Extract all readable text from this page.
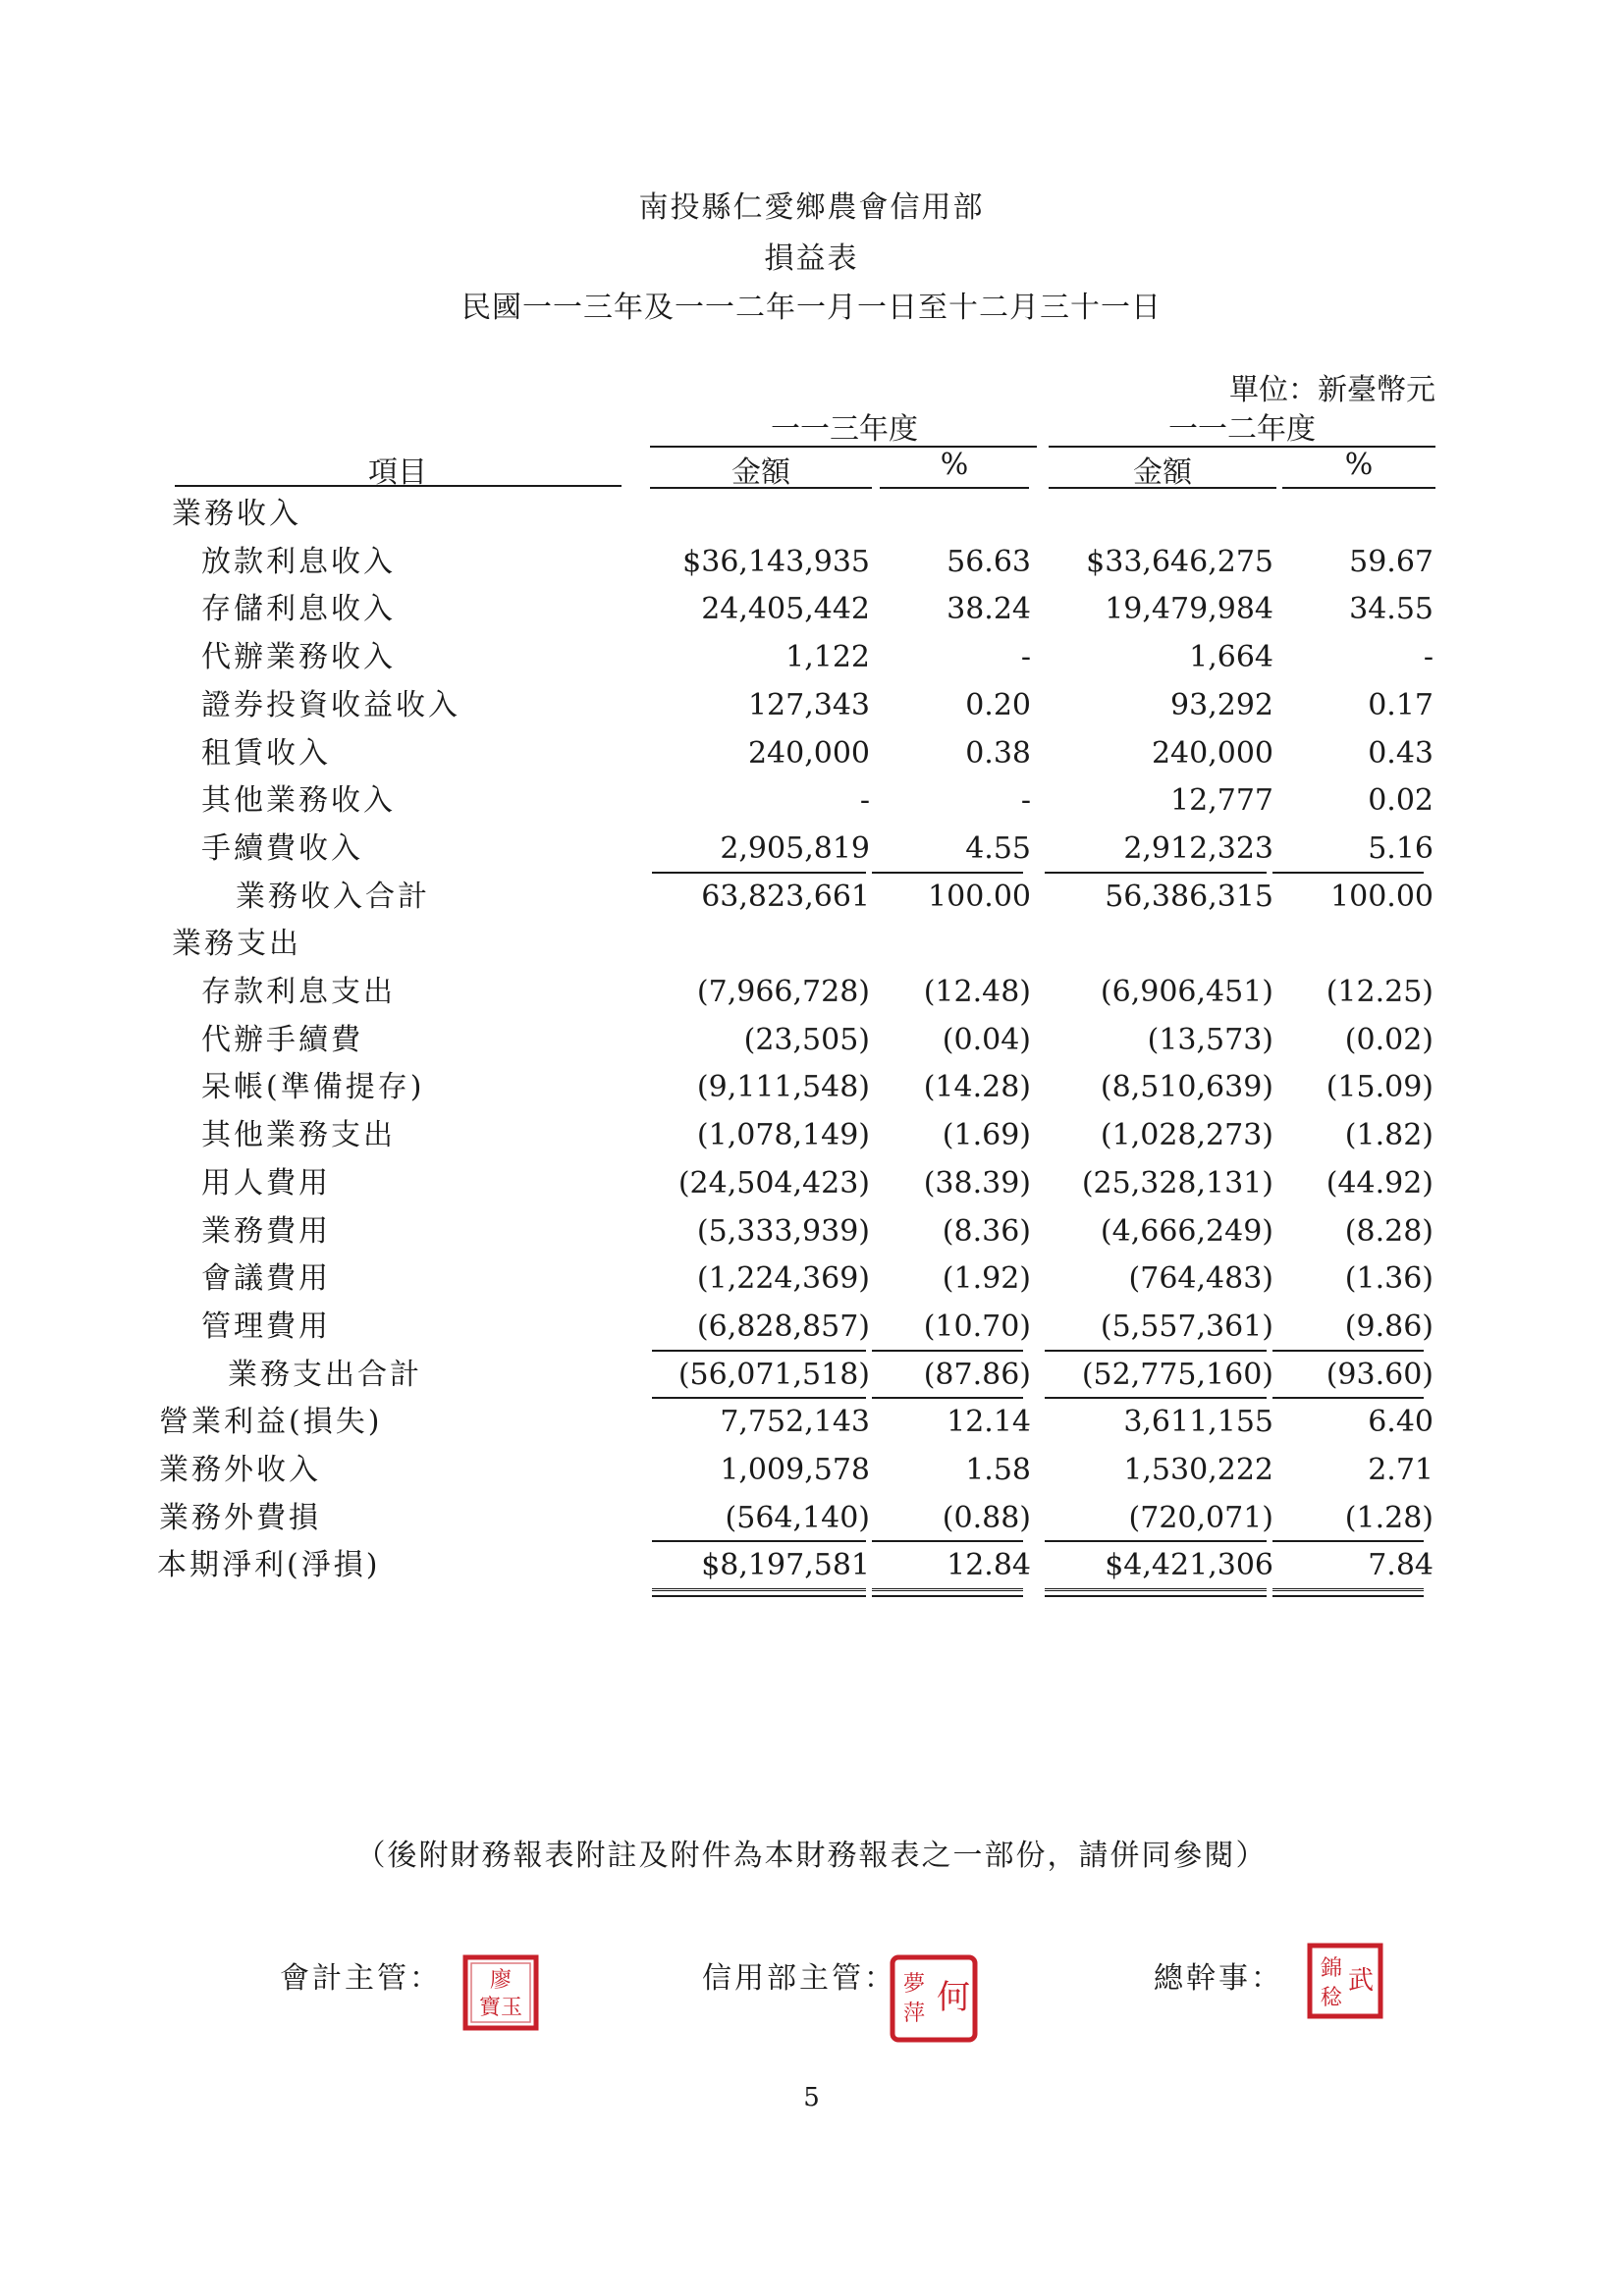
南投縣仁愛鄉農會信用部
損益表
民國一一三年及一一二年一月一日至十二月三十一日
單位：新臺幣元
一一三年度	一一二年度
項目	金額	%	金額	%
業務收入
放款利息收入	$36,143,935	56.63	$33,646,275	59.67
存儲利息收入	24,405,442	38.24	19,479,984	34.55
代辦業務收入	1,122	-	1,664	-
證券投資收益收入	127,343	0.20	93,292	0.17
租賃收入	240,000	0.38	240,000	0.43
其他業務收入	-	-	12,777	0.02
手續費收入	2,905,819	4.55	2,912,323	5.16
業務收入合計	63,823,661	100.00	56,386,315	100.00
業務支出
存款利息支出	(7,966,728)	(12.48)	(6,906,451)	(12.25)
代辦手續費	(23,505)	(0.04)	(13,573)	(0.02)
呆帳(準備提存)	(9,111,548)	(14.28)	(8,510,639)	(15.09)
其他業務支出	(1,078,149)	(1.69)	(1,028,273)	(1.82)
用人費用	(24,504,423)	(38.39)	(25,328,131)	(44.92)
業務費用	(5,333,939)	(8.36)	(4,666,249)	(8.28)
會議費用	(1,224,369)	(1.92)	(764,483)	(1.36)
管理費用	(6,828,857)	(10.70)	(5,557,361)	(9.86)
業務支出合計	(56,071,518)	(87.86)	(52,775,160)	(93.60)
營業利益(損失)	7,752,143	12.14	3,611,155	6.40
業務外收入	1,009,578	1.58	1,530,222	2.71
業務外費損	(564,140)	(0.88)	(720,071)	(1.28)
本期淨利(淨損)	$8,197,581	12.84	$4,421,306	7.84
（後附財務報表附註及附件為本財務報表之一部份，請併同參閱）
會計主管：	信用部主管：	總幹事：
廖
寶玉	何
夢
萍
錦
稔
武
5
